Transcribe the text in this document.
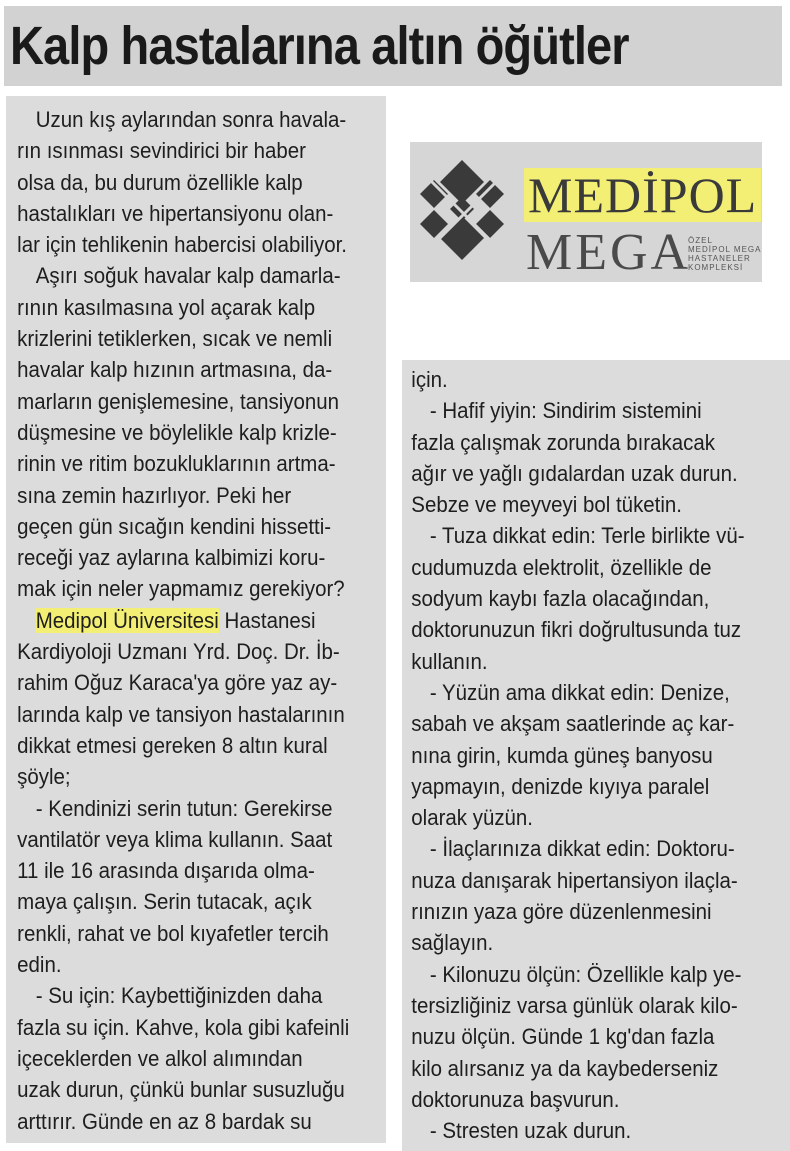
Kalp hastalarına altın öğütler

Uzun kış aylarından sonra havala-
rın ısınması sevindirici bir haber
olsa da, bu durum özellikle kalp
hastalıkları ve hipertansiyonu olan-
lar için tehlikenin habercisi olabiliyor.

Aşırı soğuk havalar kalp damarla-
rının kasılmasına yol açarak kalp
krizlerini tetiklerken, sıcak ve nemli
havalar kalp hızının artmasına, da-
marların genişlemesine, tansiyonun
düşmesine ve böylelikle kalp krizle-
rinin ve ritim bozukluklarının artma-
sına zemin hazırlıyor. Peki her
geçen gün sıcağın kendini hissetti-
receği yaz aylarına kalbimizi koru-
mak için neler yapmamız gerekiyor?

Medipol Üniversitesi Hastanesi
Kardiyoloji Uzmanı Yrd. Doç. Dr. İb-
rahim Oğuz Karaca'ya göre yaz ay-
larında kalp ve tansiyon hastalarının
dikkat etmesi gereken 8 altın kural
şöyle;

- Kendinizi serin tutun: Gerekirse
vantilatör veya klima kullanın. Saat
11 ile 16 arasında dışarıda olma-
maya çalışın. Serin tutacak, açık
renkli, rahat ve bol kıyafetler tercih
edin.

- Su için: Kaybettiğinizden daha
fazla su için. Kahve, kola gibi kafeinli
içeceklerden ve alkol alımından
uzak durun, çünkü bunlar susuzluğu
arttırır. Günde en az 8 bardak su

MEDİPOL
MEGA
ÖZEL
MEDİPOL MEGA
HASTANELER
KOMPLEKSİ

için.

- Hafif yiyin: Sindirim sistemini
fazla çalışmak zorunda bırakacak
ağır ve yağlı gıdalardan uzak durun.
Sebze ve meyveyi bol tüketin.

- Tuza dikkat edin: Terle birlikte vü-
cudumuzda elektrolit, özellikle de
sodyum kaybı fazla olacağından,
doktorunuzun fikri doğrultusunda tuz
kullanın.

- Yüzün ama dikkat edin: Denize,
sabah ve akşam saatlerinde aç kar-
nına girin, kumda güneş banyosu
yapmayın, denizde kıyıya paralel
olarak yüzün.

- İlaçlarınıza dikkat edin: Doktoru-
nuza danışarak hipertansiyon ilaçla-
rınızın yaza göre düzenlenmesini
sağlayın.

- Kilonuzu ölçün: Özellikle kalp ye-
tersizliğiniz varsa günlük olarak kilo-
nuzu ölçün. Günde 1 kg'dan fazla
kilo alırsanız ya da kaybederseniz
doktorunuza başvurun.

- Stresten uzak durun.
